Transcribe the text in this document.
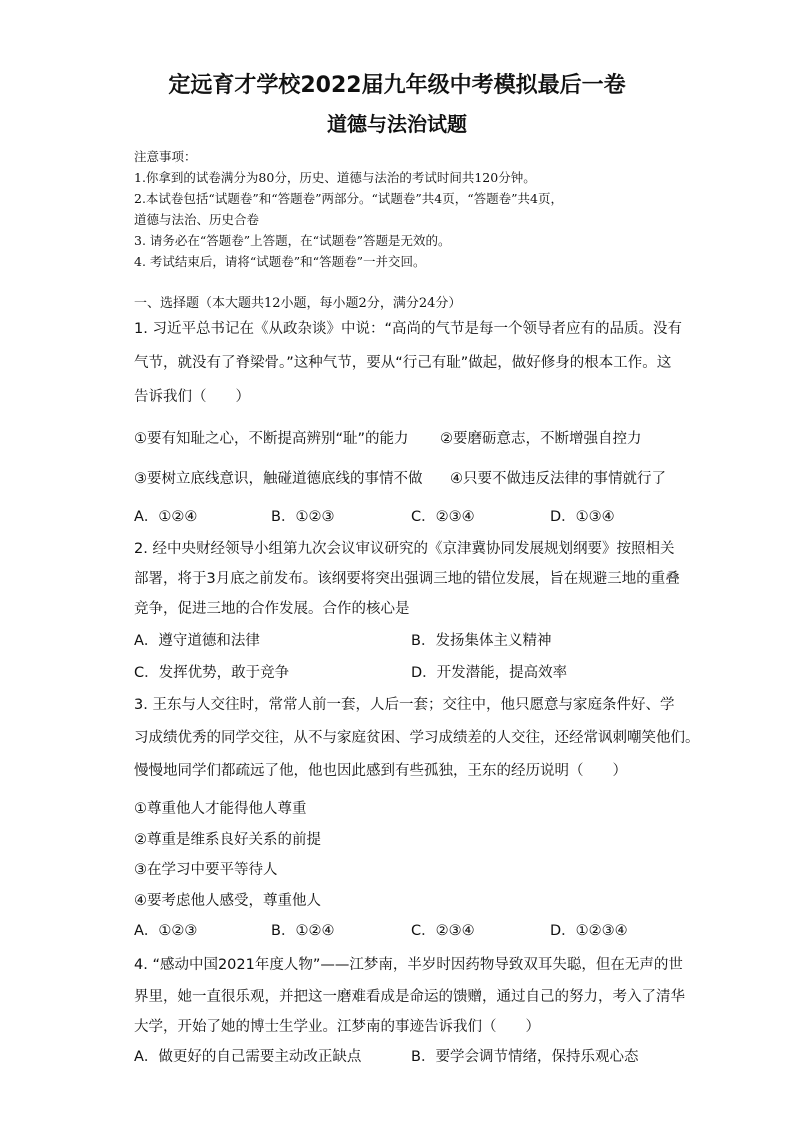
定远育才学校2022届九年级中考模拟最后一卷
道德与法治试题
注意事项：
1.你拿到的试卷满分为80分，历史、道德与法治的考试时间共120分钟。
2.本试卷包括“试题卷”和“答题卷”两部分。“试题卷”共4页，“答题卷”共4页，
道德与法治、历史合卷
3. 请务必在“答题卷”上答题，在“试题卷”答题是无效的。
4. 考试结束后，请将“试题卷”和“答题卷”一并交回。
一、选择题（本大题共12小题，每小题2分，满分24分）
1. 习近平总书记在《从政杂谈》中说：“高尚的气节是每一个领导者应有的品质。没有
气节，就没有了脊梁骨。”这种气节，要从“行己有耻”做起，做好修身的根本工作。这
告诉我们（　　）
①要有知耻之心，不断提高辨别“耻”的能力 ②要磨砺意志，不断增强自控力
③要树立底线意识，触碰道德底线的事情不做 ④只要不做违反法律的事情就行了
A．①②④	B．①②③	C．②③④	D．①③④
2. 经中央财经领导小组第九次会议审议研究的《京津冀协同发展规划纲要》按照相关
部署，将于3月底之前发布。该纲要将突出强调三地的错位发展，旨在规避三地的重叠
竞争，促进三地的合作发展。合作的核心是
A．遵守道德和法律	B．发扬集体主义精神
C．发挥优势，敢于竞争	D．开发潜能，提高效率
3. 王东与人交往时，常常人前一套，人后一套；交往中，他只愿意与家庭条件好、学
习成绩优秀的同学交往，从不与家庭贫困、学习成绩差的人交往，还经常讽刺嘲笑他们。
慢慢地同学们都疏远了他，他也因此感到有些孤独，王东的经历说明（　　）
①尊重他人才能得他人尊重
②尊重是维系良好关系的前提
③在学习中要平等待人
④要考虑他人感受，尊重他人
A．①②③	B．①②④	C．②③④	D．①②③④
4. “感动中国2021年度人物”——江梦南，半岁时因药物导致双耳失聪，但在无声的世
界里，她一直很乐观，并把这一磨难看成是命运的馈赠，通过自己的努力，考入了清华
大学，开始了她的博士生学业。江梦南的事迹告诉我们（　　）
A．做更好的自己需要主动改正缺点	B．要学会调节情绪，保持乐观心态
